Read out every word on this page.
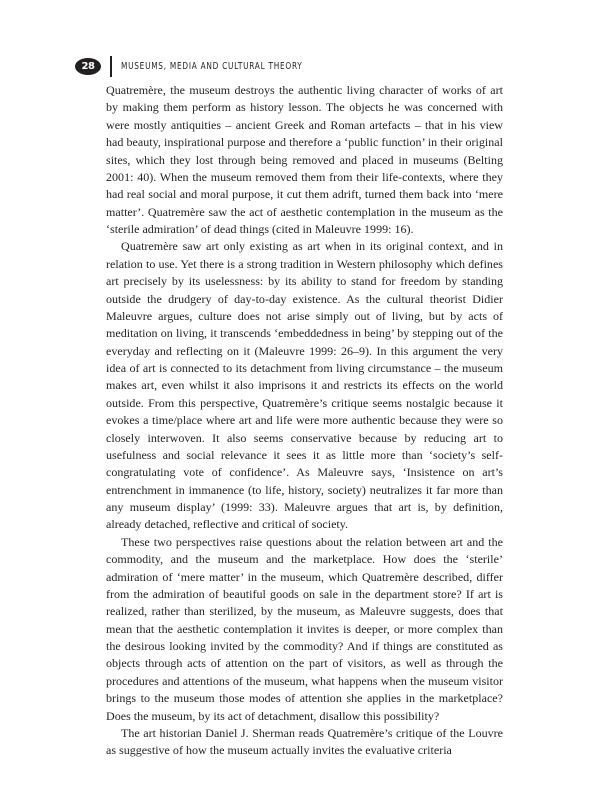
28	MUSEUMS, MEDIA AND CULTURAL THEORY

Quatremère, the museum destroys the authentic living character of works of art by making them perform as history lesson. The objects he was concerned with were mostly antiquities – ancient Greek and Roman artefacts – that in his view had beauty, inspirational purpose and therefore a ‘public function’ in their original sites, which they lost through being removed and placed in museums (Belting 2001: 40). When the museum removed them from their life-contexts, where they had real social and moral purpose, it cut them adrift, turned them back into ‘mere matter’. Quatremère saw the act of aesthetic contemplation in the museum as the ‘sterile admiration’ of dead things (cited in Maleuvre 1999: 16).

Quatremère saw art only existing as art when in its original context, and in relation to use. Yet there is a strong tradition in Western philosophy which defines art precisely by its uselessness: by its ability to stand for freedom by standing outside the drudgery of day-to-day existence. As the cultural theorist Didier Maleuvre argues, culture does not arise simply out of living, but by acts of meditation on living, it transcends ‘embeddedness in being’ by stepping out of the everyday and reflecting on it (Maleuvre 1999: 26–9). In this argument the very idea of art is connected to its detachment from living circumstance – the museum makes art, even whilst it also imprisons it and restricts its effects on the world outside. From this perspective, Quatremère’s critique seems nostalgic because it evokes a time/place where art and life were more authentic because they were so closely interwoven. It also seems conservative because by reducing art to usefulness and social relevance it sees it as little more than ‘society’s self-congratulating vote of confidence’. As Maleuvre says, ‘Insistence on art’s entrenchment in immanence (to life, history, society) neutralizes it far more than any museum display’ (1999: 33). Maleuvre argues that art is, by definition, already detached, reflective and critical of society.

These two perspectives raise questions about the relation between art and the commodity, and the museum and the marketplace. How does the ‘sterile’ admiration of ‘mere matter’ in the museum, which Quatremère described, differ from the admiration of beautiful goods on sale in the department store? If art is realized, rather than sterilized, by the museum, as Maleuvre suggests, does that mean that the aesthetic contemplation it invites is deeper, or more complex than the desirous looking invited by the commodity? And if things are constituted as objects through acts of attention on the part of visitors, as well as through the procedures and attentions of the museum, what happens when the museum visitor brings to the museum those modes of attention she applies in the marketplace? Does the museum, by its act of detachment, disallow this possibility?

The art historian Daniel J. Sherman reads Quatremère’s critique of the Louvre as suggestive of how the museum actually invites the evaluative criteria
